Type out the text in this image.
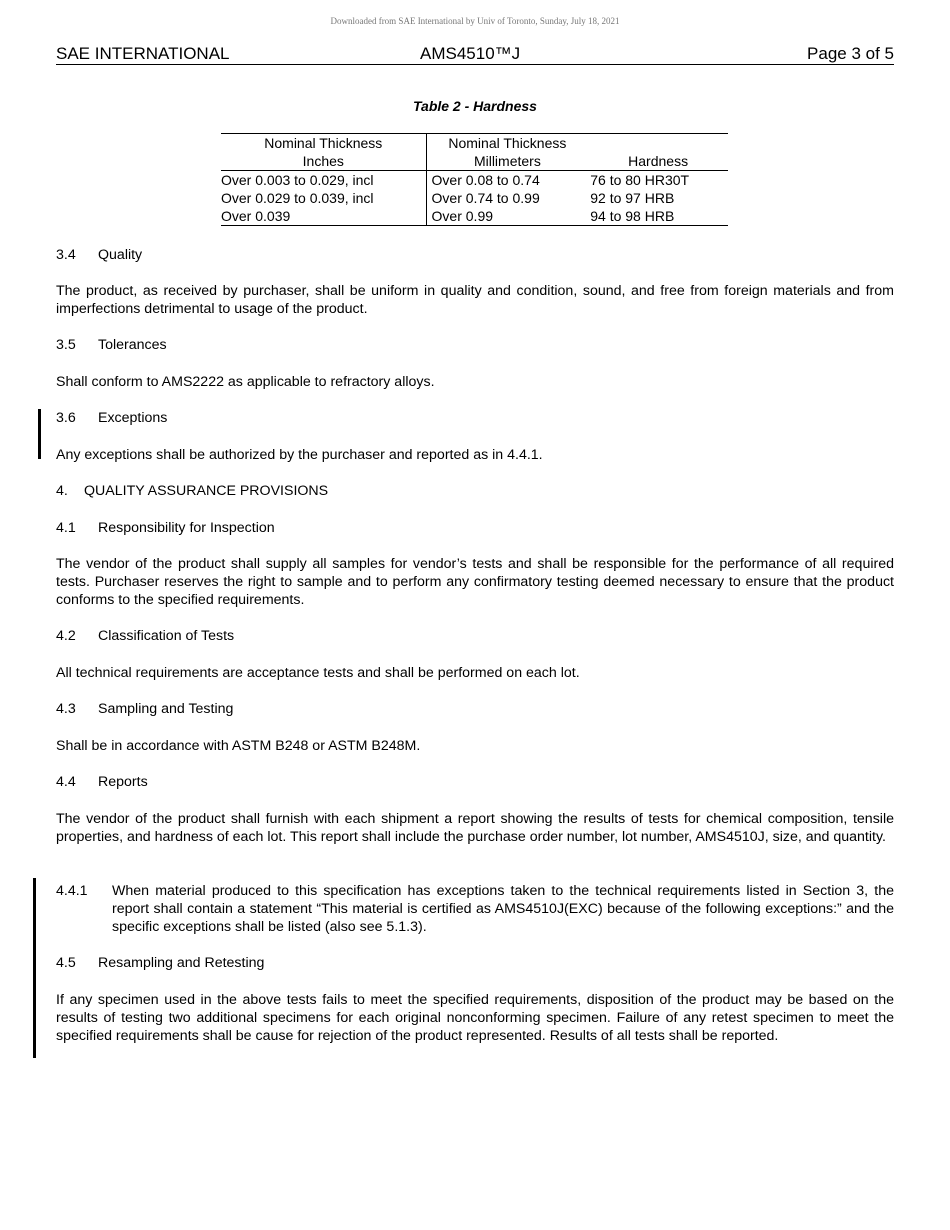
Downloaded from SAE International by Univ of Toronto, Sunday, July 18, 2021
SAE INTERNATIONAL	AMS4510™J	Page 3 of 5
Table 2 - Hardness
Nominal Thickness	Nominal Thickness	
Inches	Millimeters	Hardness
Over 0.003 to 0.029, incl	Over 0.08 to 0.74	76 to 80 HR30T
Over 0.029 to 0.039, incl	Over 0.74 to 0.99	92 to 97 HRB
Over 0.039	Over 0.99	94 to 98 HRB
3.4 Quality
The product, as received by purchaser, shall be uniform in quality and condition, sound, and free from foreign materials and from imperfections detrimental to usage of the product.
3.5 Tolerances
Shall conform to AMS2222 as applicable to refractory alloys.
3.6 Exceptions
Any exceptions shall be authorized by the purchaser and reported as in 4.4.1.
4. QUALITY ASSURANCE PROVISIONS
4.1 Responsibility for Inspection
The vendor of the product shall supply all samples for vendor’s tests and shall be responsible for the performance of all required tests. Purchaser reserves the right to sample and to perform any confirmatory testing deemed necessary to ensure that the product conforms to the specified requirements.
4.2 Classification of Tests
All technical requirements are acceptance tests and shall be performed on each lot.
4.3 Sampling and Testing
Shall be in accordance with ASTM B248 or ASTM B248M.
4.4 Reports
The vendor of the product shall furnish with each shipment a report showing the results of tests for chemical composition, tensile properties, and hardness of each lot. This report shall include the purchase order number, lot number, AMS4510J, size, and quantity.
4.4.1 When material produced to this specification has exceptions taken to the technical requirements listed in Section 3, the report shall contain a statement “This material is certified as AMS4510J(EXC) because of the following exceptions:” and the specific exceptions shall be listed (also see 5.1.3).
4.5 Resampling and Retesting
If any specimen used in the above tests fails to meet the specified requirements, disposition of the product may be based on the results of testing two additional specimens for each original nonconforming specimen. Failure of any retest specimen to meet the specified requirements shall be cause for rejection of the product represented. Results of all tests shall be reported.
